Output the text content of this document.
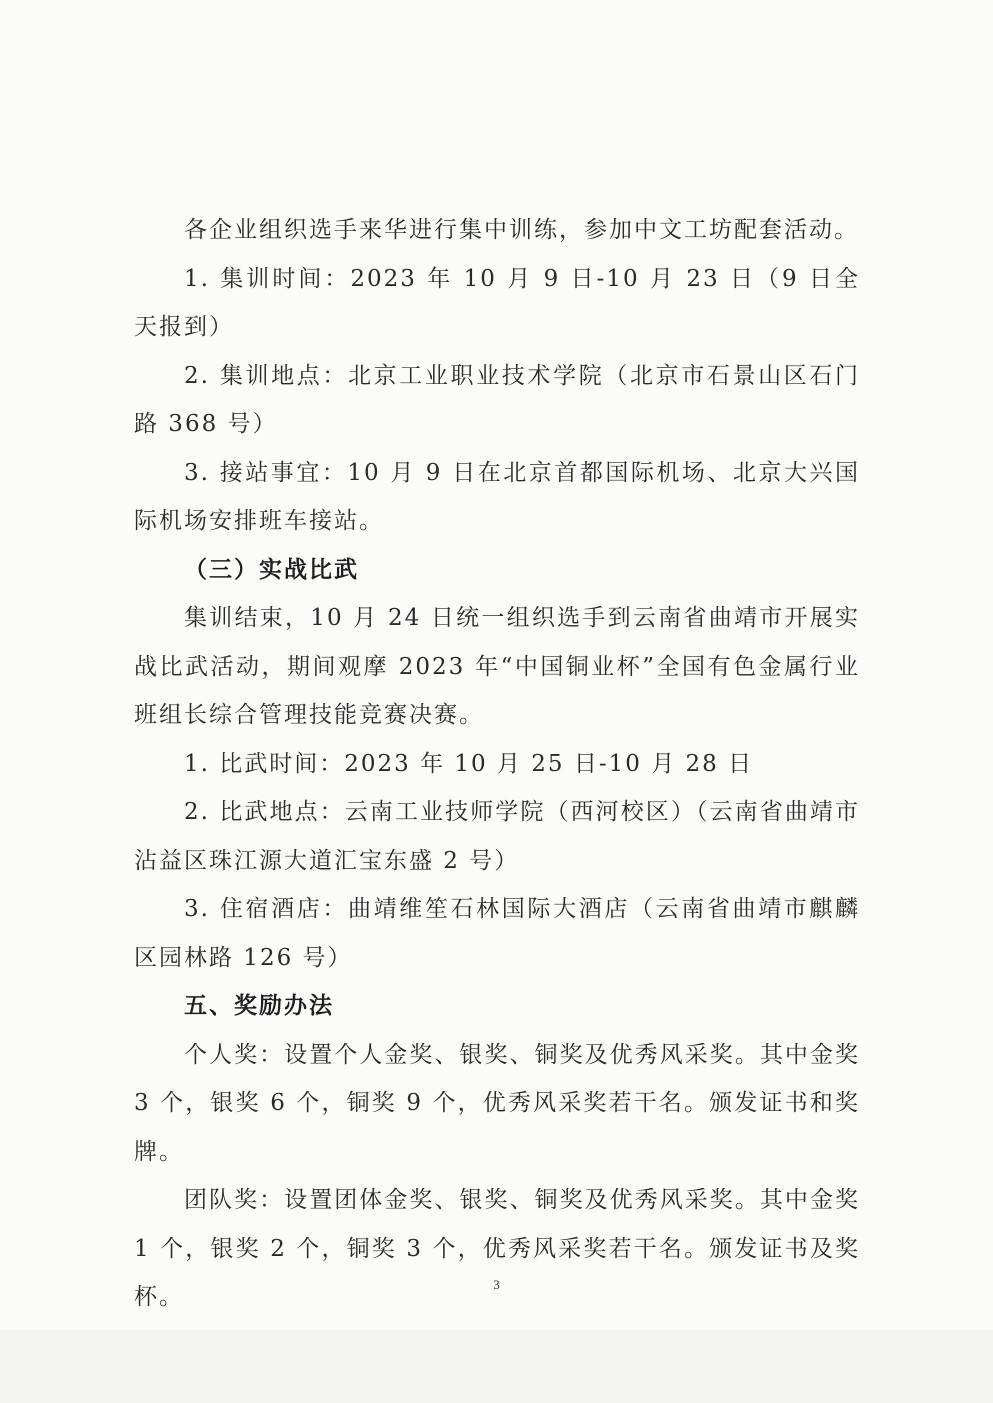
各企业组织选手来华进行集中训练，参加中文工坊配套活动。

1. 集训时间：2023 年 10 月 9 日-10 月 23 日（9 日全天报到）

2. 集训地点：北京工业职业技术学院（北京市石景山区石门路 368 号）

3. 接站事宜：10 月 9 日在北京首都国际机场、北京大兴国际机场安排班车接站。

（三）实战比武

集训结束，10 月 24 日统一组织选手到云南省曲靖市开展实战比武活动，期间观摩 2023 年“中国铜业杯”全国有色金属行业班组长综合管理技能竞赛决赛。

1. 比武时间：2023 年 10 月 25 日-10 月 28 日

2. 比武地点：云南工业技师学院（西河校区）（云南省曲靖市沾益区珠江源大道汇宝东盛 2 号）

3. 住宿酒店：曲靖维笙石林国际大酒店（云南省曲靖市麒麟区园林路 126 号）

五、奖励办法

个人奖：设置个人金奖、银奖、铜奖及优秀风采奖。其中金奖 3 个，银奖 6 个，铜奖 9 个，优秀风采奖若干名。颁发证书和奖牌。

团队奖：设置团体金奖、银奖、铜奖及优秀风采奖。其中金奖 1 个，银奖 2 个，铜奖 3 个，优秀风采奖若干名。颁发证书及奖杯。	3
